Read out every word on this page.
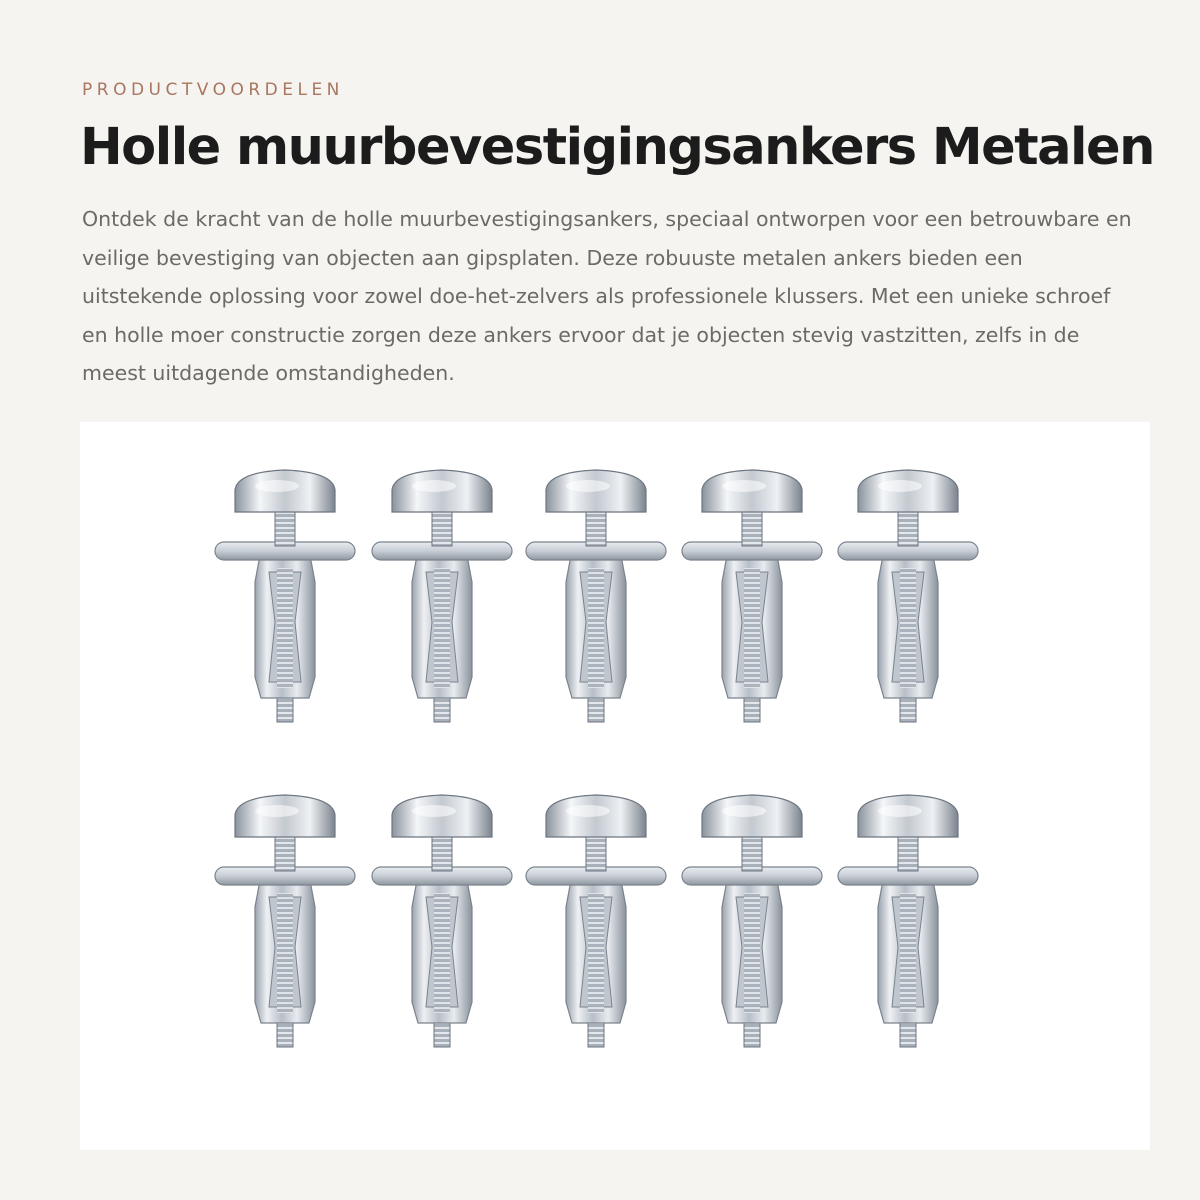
PRODUCTVOORDELEN
Holle muurbevestigingsankers Metalen

Ontdek de kracht van de holle muurbevestigingsankers, speciaal ontworpen voor een betrouwbare en veilige bevestiging van objecten aan gipsplaten. Deze robuuste metalen ankers bieden een uitstekende oplossing voor zowel doe-het-zelvers als professionele klussers. Met een unieke schroef en holle moer constructie zorgen deze ankers ervoor dat je objecten stevig vastzitten, zelfs in de meest uitdagende omstandigheden.
